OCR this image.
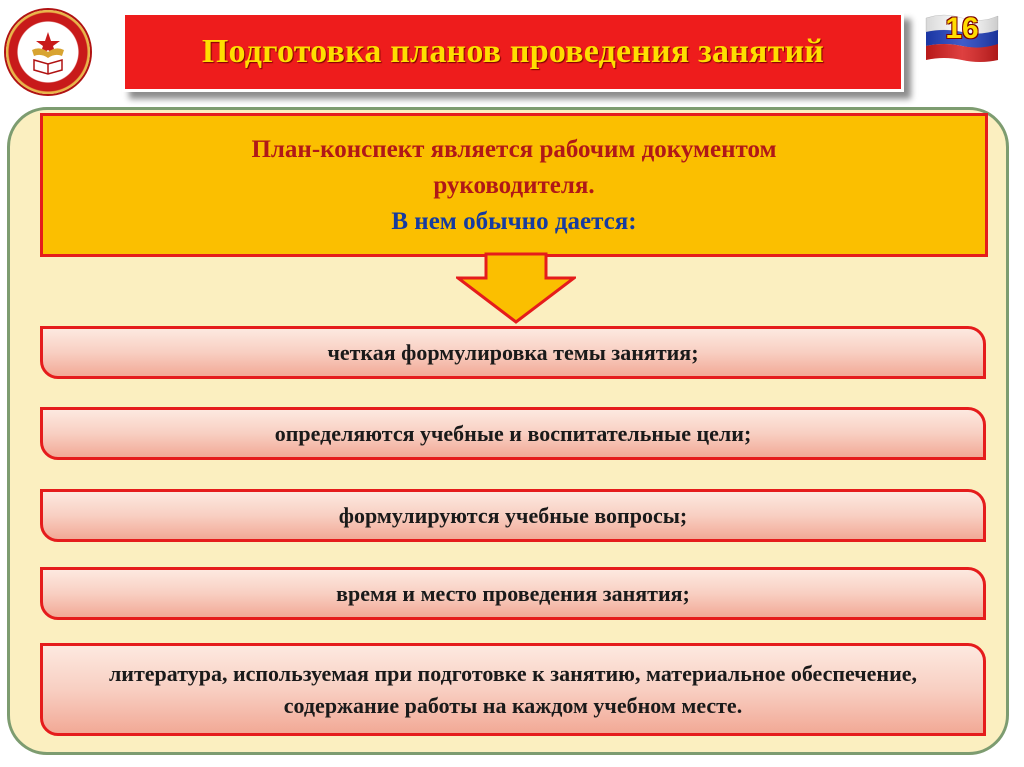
Подготовка планов проведения занятий
16
План-конспект является рабочим документом
руководителя.
В нем обычно дается:
четкая формулировка темы занятия;
определяются учебные и воспитательные цели;
формулируются учебные вопросы;
время и место проведения занятия;
литература, используемая при подготовке к занятию, материальное обеспечение, содержание работы на каждом учебном месте.
